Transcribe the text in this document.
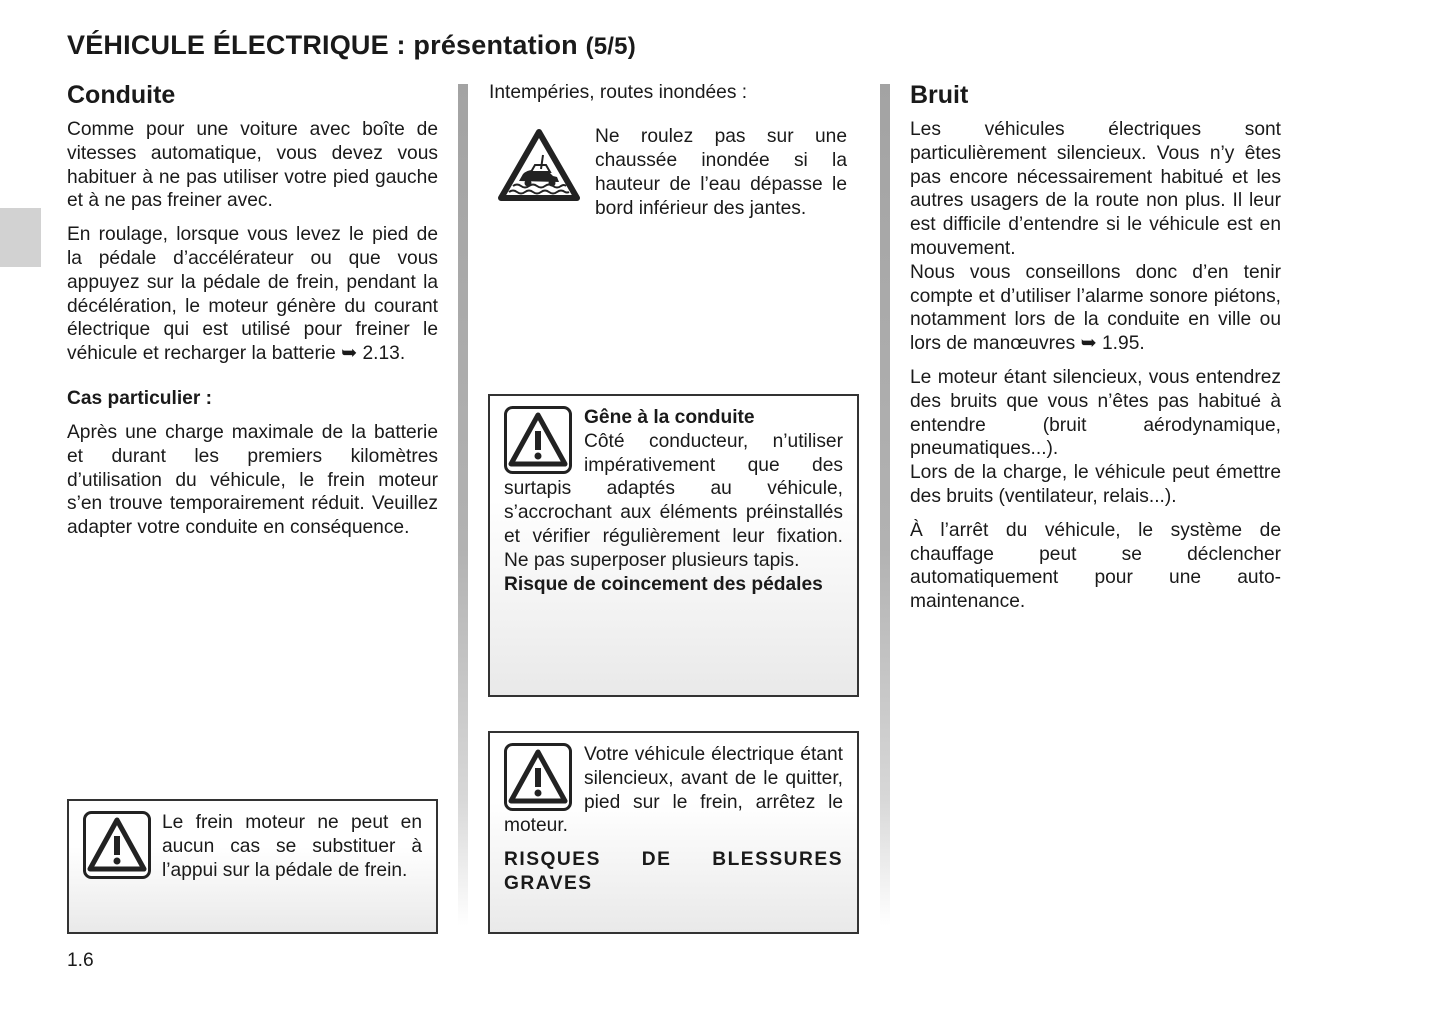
VÉHICULE ÉLECTRIQUE : présentation (5/5)
Conduite
Comme pour une voiture avec boîte de vitesses automatique, vous devez vous habituer à ne pas utiliser votre pied gauche et à ne pas freiner avec.
En roulage, lorsque vous levez le pied de la pédale d’accélérateur ou que vous appuyez sur la pédale de frein, pendant la décélération, le moteur génère du courant électrique qui est utilisé pour freiner le véhicule et recharger la batterie ➥ 2.13.
Cas particulier :
Après une charge maximale de la batterie et durant les premiers kilomètres d’utilisation du véhicule, le frein moteur s’en trouve temporairement réduit. Veuillez adapter votre conduite en conséquence.
Le frein moteur ne peut en aucun cas se substituer à l’appui sur la pédale de frein.
Intempéries, routes inondées :
Ne roulez pas sur une chaussée inondée si la hauteur de l’eau dépasse le bord inférieur des jantes.
Gêne à la conduite
Côté conducteur, n’utiliser impérativement que des surtapis adaptés au véhicule, s’accrochant aux éléments préinstallés et vérifier régulièrement leur fixation. Ne pas superposer plusieurs tapis.
Risque de coincement des pédales
Votre véhicule électrique étant silencieux, avant de le quitter, pied sur le frein, arrêtez le moteur.
RISQUES DE BLESSURES GRAVES
Bruit
Les véhicules électriques sont particulièrement silencieux. Vous n’y êtes pas encore nécessairement habitué et les autres usagers de la route non plus. Il leur est difficile d’entendre si le véhicule est en mouvement.
Nous vous conseillons donc d’en tenir compte et d’utiliser l’alarme sonore piétons, notamment lors de la conduite en ville ou lors de manœuvres ➥ 1.95.
Le moteur étant silencieux, vous entendrez des bruits que vous n’êtes pas habitué à entendre (bruit aérodynamique, pneumatiques...).
Lors de la charge, le véhicule peut émettre des bruits (ventilateur, relais...).
À l’arrêt du véhicule, le système de chauffage peut se déclencher automatiquement pour une auto-maintenance.
1.6
